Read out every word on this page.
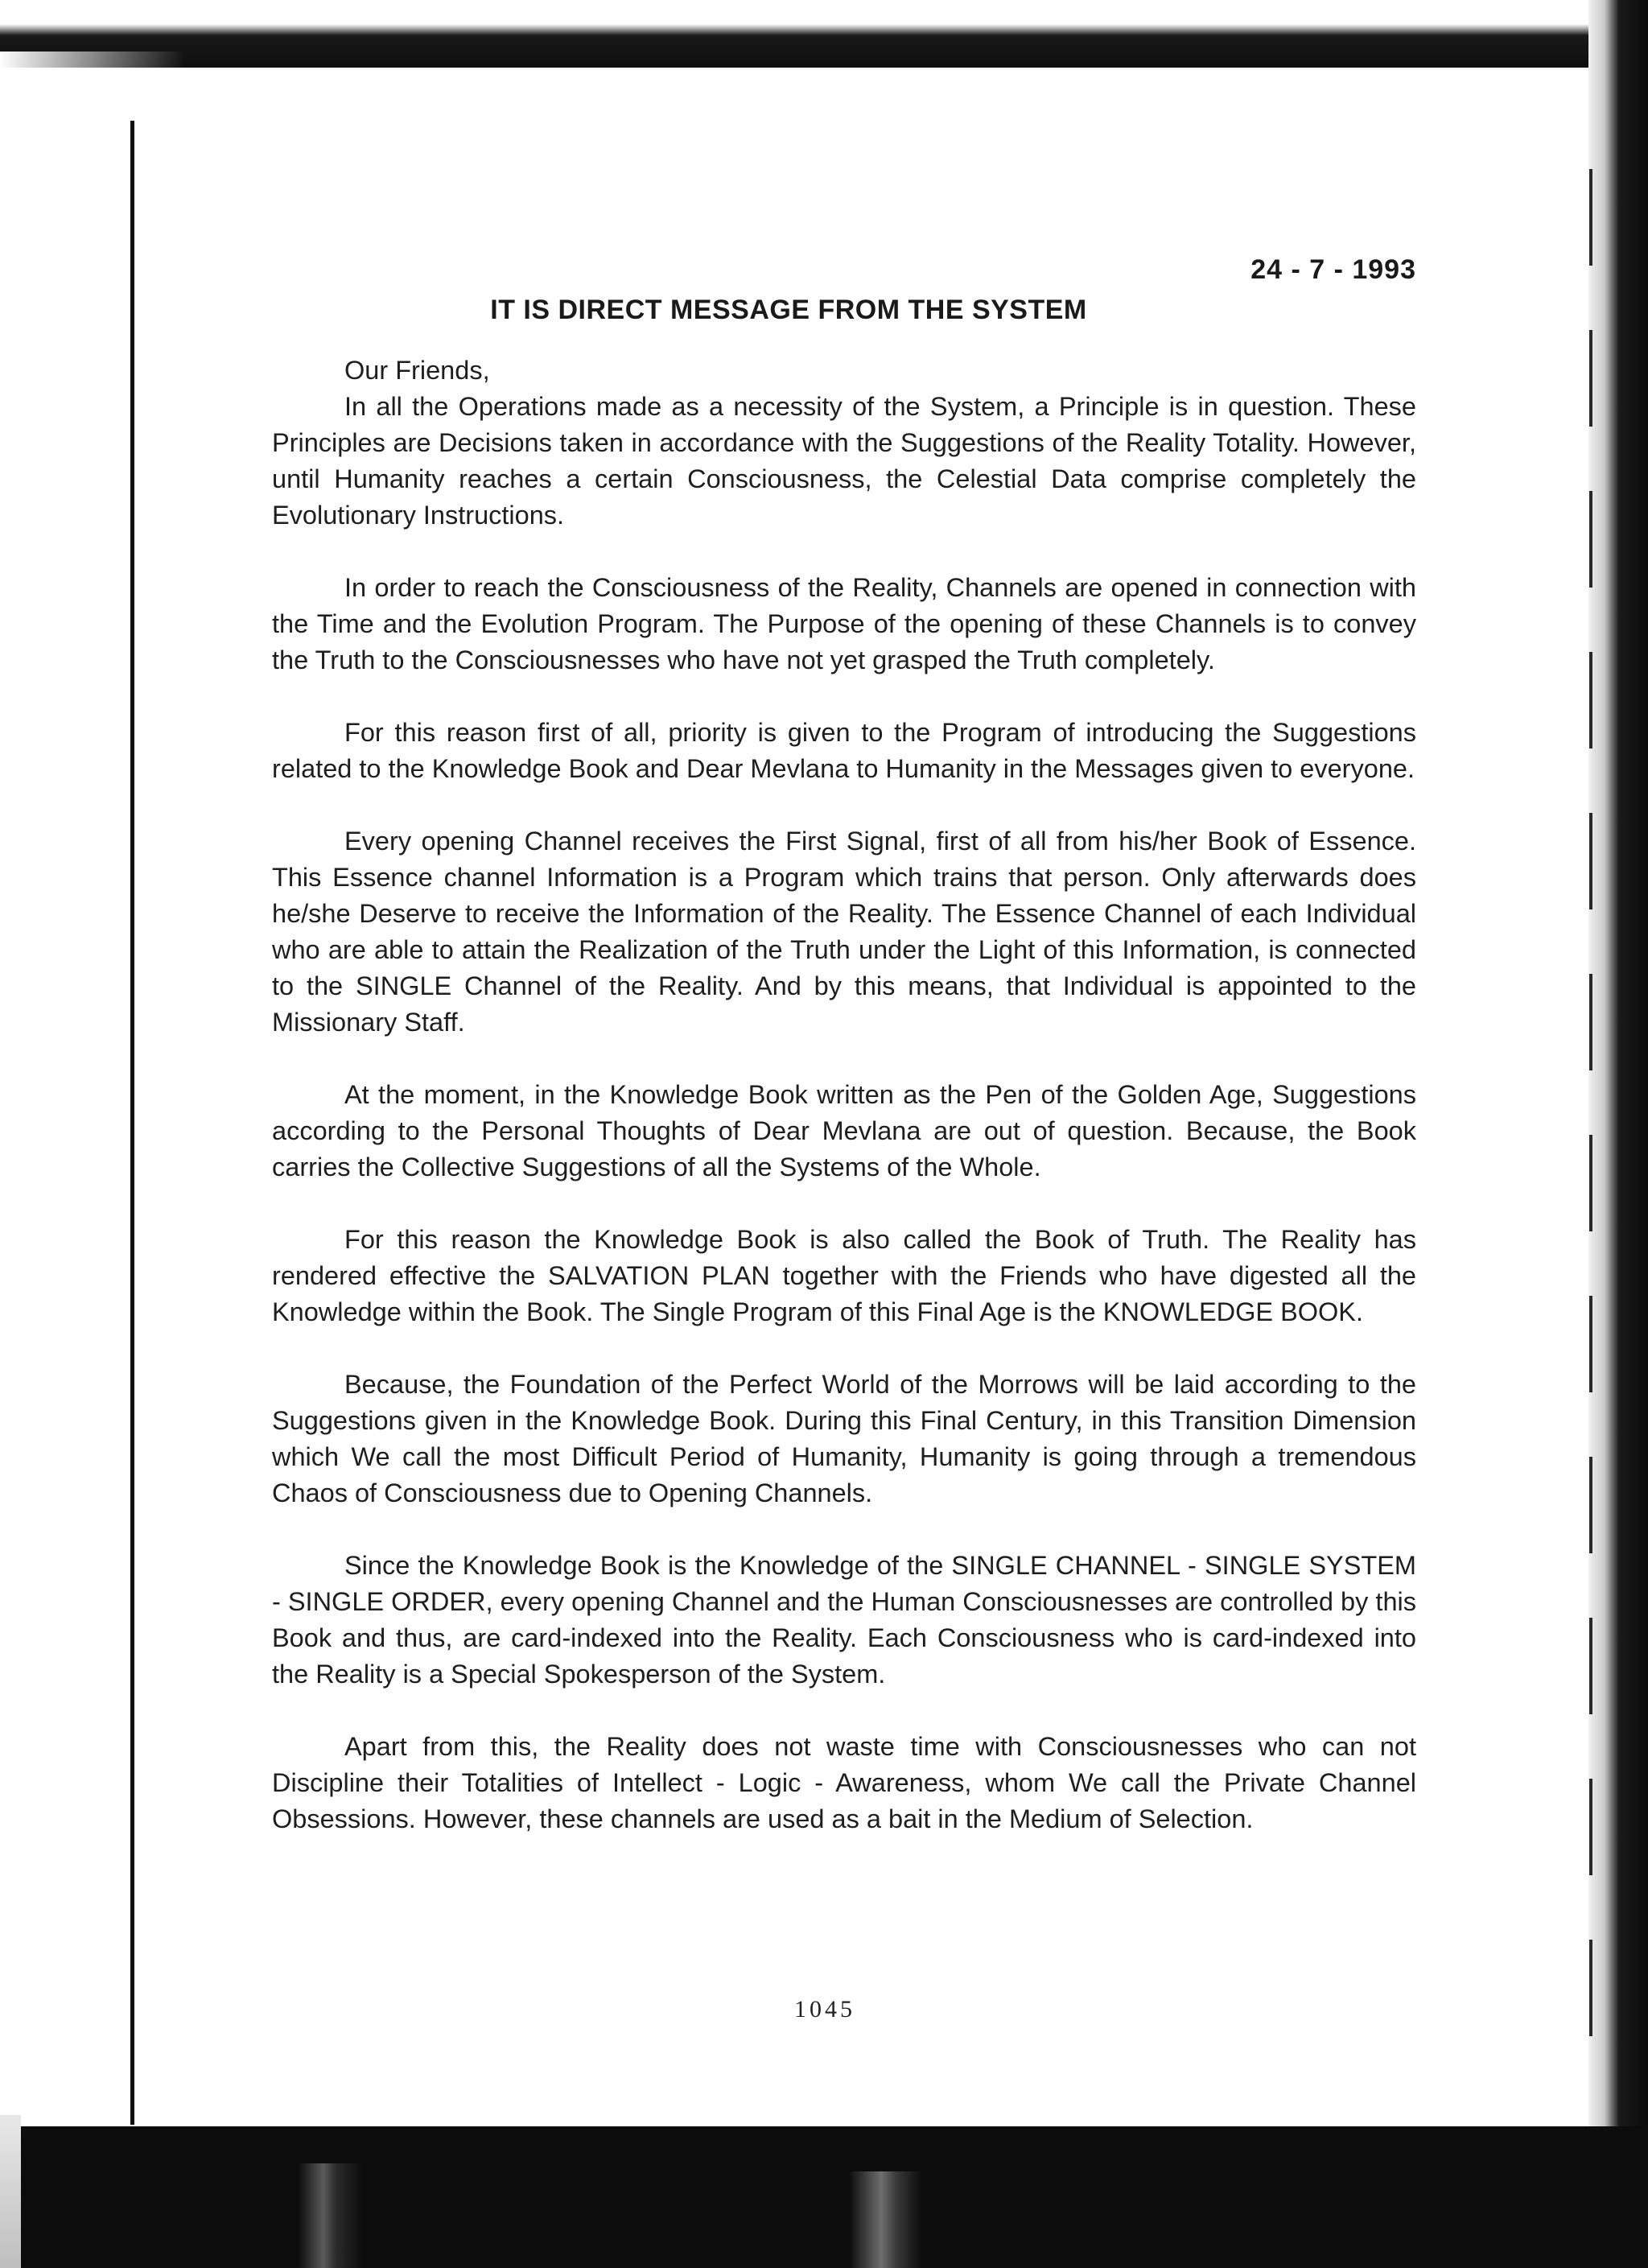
24 - 7 - 1993
IT IS DIRECT MESSAGE FROM THE SYSTEM

Our Friends,

In all the Operations made as a necessity of the System, a Principle is in question. These Principles are Decisions taken in accordance with the Suggestions of the Reality Totality. However, until Humanity reaches a certain Consciousness, the Celestial Data comprise completely the Evolutionary Instructions.

In order to reach the Consciousness of the Reality, Channels are opened in connection with the Time and the Evolution Program. The Purpose of the opening of these Channels is to convey the Truth to the Consciousnesses who have not yet grasped the Truth completely.

For this reason first of all, priority is given to the Program of introducing the Suggestions related to the Knowledge Book and Dear Mevlana to Humanity in the Messages given to everyone.

Every opening Channel receives the First Signal, first of all from his/her Book of Essence. This Essence channel Information is a Program which trains that person. Only afterwards does he/she Deserve to receive the Information of the Reality. The Essence Channel of each Individual who are able to attain the Realization of the Truth under the Light of this Information, is connected to the SINGLE Channel of the Reality. And by this means, that Individual is appointed to the Missionary Staff.

At the moment, in the Knowledge Book written as the Pen of the Golden Age, Suggestions according to the Personal Thoughts of Dear Mevlana are out of question. Because, the Book carries the Collective Suggestions of all the Systems of the Whole.

For this reason the Knowledge Book is also called the Book of Truth. The Reality has rendered effective the SALVATION PLAN together with the Friends who have digested all the Knowledge within the Book. The Single Program of this Final Age is the KNOWLEDGE BOOK.

Because, the Foundation of the Perfect World of the Morrows will be laid according to the Suggestions given in the Knowledge Book. During this Final Century, in this Transition Dimension which We call the most Difficult Period of Humanity, Humanity is going through a tremendous Chaos of Consciousness due to Opening Channels.

Since the Knowledge Book is the Knowledge of the SINGLE CHANNEL - SINGLE SYSTEM - SINGLE ORDER, every opening Channel and the Human Consciousnesses are controlled by this Book and thus, are card-indexed into the Reality. Each Consciousness who is card-indexed into the Reality is a Special Spokesperson of the System.

Apart from this, the Reality does not waste time with Consciousnesses who can not Discipline their Totalities of Intellect - Logic - Awareness, whom We call the Private Channel Obsessions. However, these channels are used as a bait in the Medium of Selection.

1045
